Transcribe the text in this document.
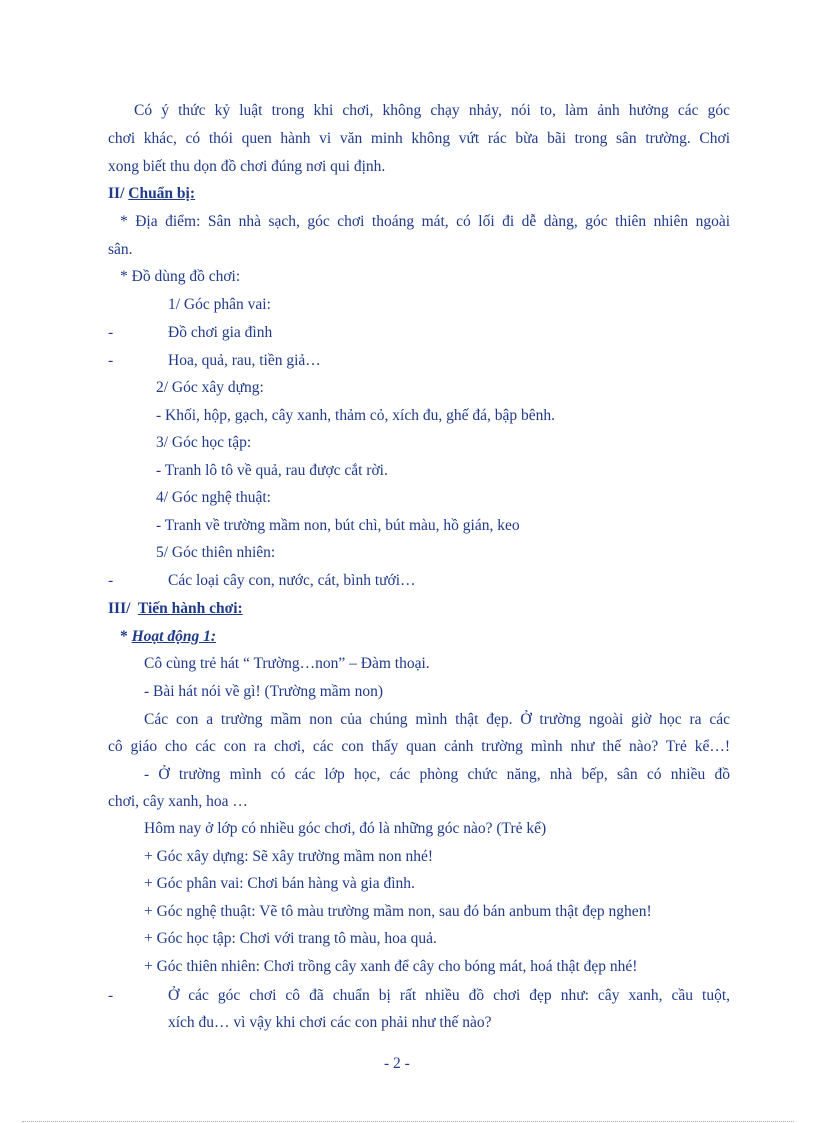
Có ý thức kỷ luật trong khi chơi, không chạy nhảy, nói to, làm ảnh hưởng các góc
chơi khác, có thói quen hành vi văn minh không vứt rác bừa bãi trong sân trường. Chơi
xong biết thu dọn đồ chơi đúng nơi qui định.
II/ Chuẩn bị:
* Địa điểm: Sân nhà sạch, góc chơi thoáng mát, có lối đi dễ dàng, góc thiên nhiên ngoài
sân.
* Đồ dùng đồ chơi:
1/ Góc phân vai:
-	Đồ chơi gia đình
-	Hoa, quả, rau, tiền giả…
2/ Góc xây dựng:
- Khối, hộp, gạch, cây xanh, thảm cỏ, xích đu, ghế đá, bập bênh.
3/ Góc học tập:
- Tranh lô tô về quả, rau được cắt rời.
4/ Góc nghệ thuật:
- Tranh về trường mầm non, bút chì, bút màu, hồ gián, keo
5/ Góc thiên nhiên:
-	Các loại cây con, nước, cát, bình tưới…
III/ Tiến hành chơi:
* Hoạt động 1:
Cô cùng trẻ hát “ Trường…non” – Đàm thoại.
- Bài hát nói về gì! (Trường mầm non)
Các con a trường mầm non của chúng mình thật đẹp. Ở trường ngoài giờ học ra các
cô giáo cho các con ra chơi, các con thấy quan cảnh trường mình như thế nào? Trẻ kể…!
- Ở trường mình có các lớp học, các phòng chức năng, nhà bếp, sân có nhiều đồ
chơi, cây xanh, hoa …
Hôm nay ở lớp có nhiều góc chơi, đó là những góc nào? (Trẻ kể)
+ Góc xây dựng: Sẽ xây trường mầm non nhé!
+ Góc phân vai: Chơi bán hàng và gia đình.
+ Góc nghệ thuật: Vẽ tô màu trường mầm non, sau đó bán anbum thật đẹp nghen!
+ Góc học tập: Chơi với trang tô màu, hoa quả.
+ Góc thiên nhiên: Chơi trồng cây xanh để cây cho bóng mát, hoá thật đẹp nhé!
-	Ở các góc chơi cô đã chuẩn bị rất nhiều đồ chơi đẹp như: cây xanh, cầu tuột,
xích đu… vì vậy khi chơi các con phải như thế nào?
- 2 -
